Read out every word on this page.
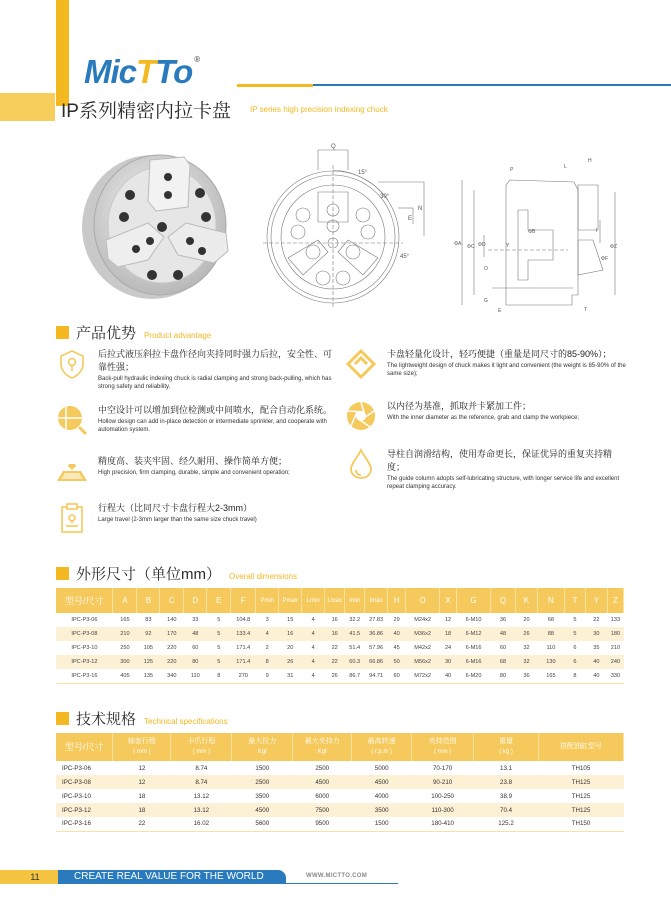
MicTTo ®
IP系列精密内拉卡盘 IP series high precision indexing chuck
Q
15°
30°
N
E
45°
ΦA ΦC ΦD	ΦZ
I
ΦF
P	L
H
ΦB
Y
O
G
E	T
产品优势 Product advantage
后拉式液压斜拉卡盘作径向夹持同时强力后拉，安全性、可靠性强；
Back-pull hydraulic indexing chuck is radial clamping and strong back-pulling, which has strong safety and reliability.
中空设计可以增加到位检测或中间喷水，配合自动化系统。
Hollow design can add in-place detection or intermediate sprinkler, and cooperate with automation system.
精度高、装夹牢固、经久耐用、操作简单方便；
High precision, firm clamping, durable, simple and convenient operation;
行程大（比同尺寸卡盘行程大2-3mm）
Large travel (2-3mm larger than the same size chuck travel)
卡盘轻量化设计，轻巧便捷（重量是同尺寸的85-90%）；
The lightweight design of chuck makes it light and convenient (the weight is 85-90% of the same size);
以内径为基准，抓取并卡紧加工件；
With the inner diameter as the reference, grab and clamp the workpiece;
导柱自润滑结构，使用寿命更长，保证优异的重复夹持精度；
The guide column adopts self-lubricating structure, with longer service life and excellent repeat clamping accuracy.
外形尺寸（单位mm） Overall dimensions
型号/尺寸	A	B	C	D	E	F	Pmin	Pmax	Lmin	Lmax	Imin	Imax	H	O	X	G	Q	K	N	T	Y	Z
IPC-P3-06	165	83	140	33	5	104.8	3	15	4	16	32.2	27.83	29	M24x2	12	6-M10	36	20	68	5	22	133
IPC-P3-08	210	92	170	48	5	133.4	4	16	4	16	41.5	36.86	40	M36x2	18	6-M12	48	26	88	5	30	180
IPC-P3-10	250	105	220	60	5	171.4	2	20	4	22	51.4	57.96	45	M42x2	24	6-M16	60	32	110	6	35	210
IPC-P3-12	300	125	220	80	5	171.4	8	26	4	22	60.3	66.86	50	M56x2	30	6-M16	68	32	130	6	40	240
IPC-P3-16	405	135	340	110	8	270	9	31	4	26	86.7	94.71	60	M72x2	40	6-M20	80	36	165	8	40	330
技术规格 Technical specifications
型号/尺寸	轴套行程
( mm )	卡爪行程
( mm )	最大拉力
Kgf	最大夹持力
Kgf	最高转速
( r.p.m )	夹持范围
( mm )	重量
( kg )	搭配油缸型号
IPC-P3-06	12	8.74	1500	2500	5000	70-170	13.1	TH105
IPC-P3-08	12	8.74	2500	4500	4500	90-210	23.8	TH125
IPC-P3-10	18	13.12	3500	6000	4000	100-250	38.9	TH125
IPC-P3-12	18	13.12	4500	7500	3500	110-300	70.4	TH125
IPC-P3-16	22	16.02	5600	9500	1500	180-410	125.2	TH150
11	CREATE REAL VALUE FOR THE WORLD	WWW.MICTTO.COM
